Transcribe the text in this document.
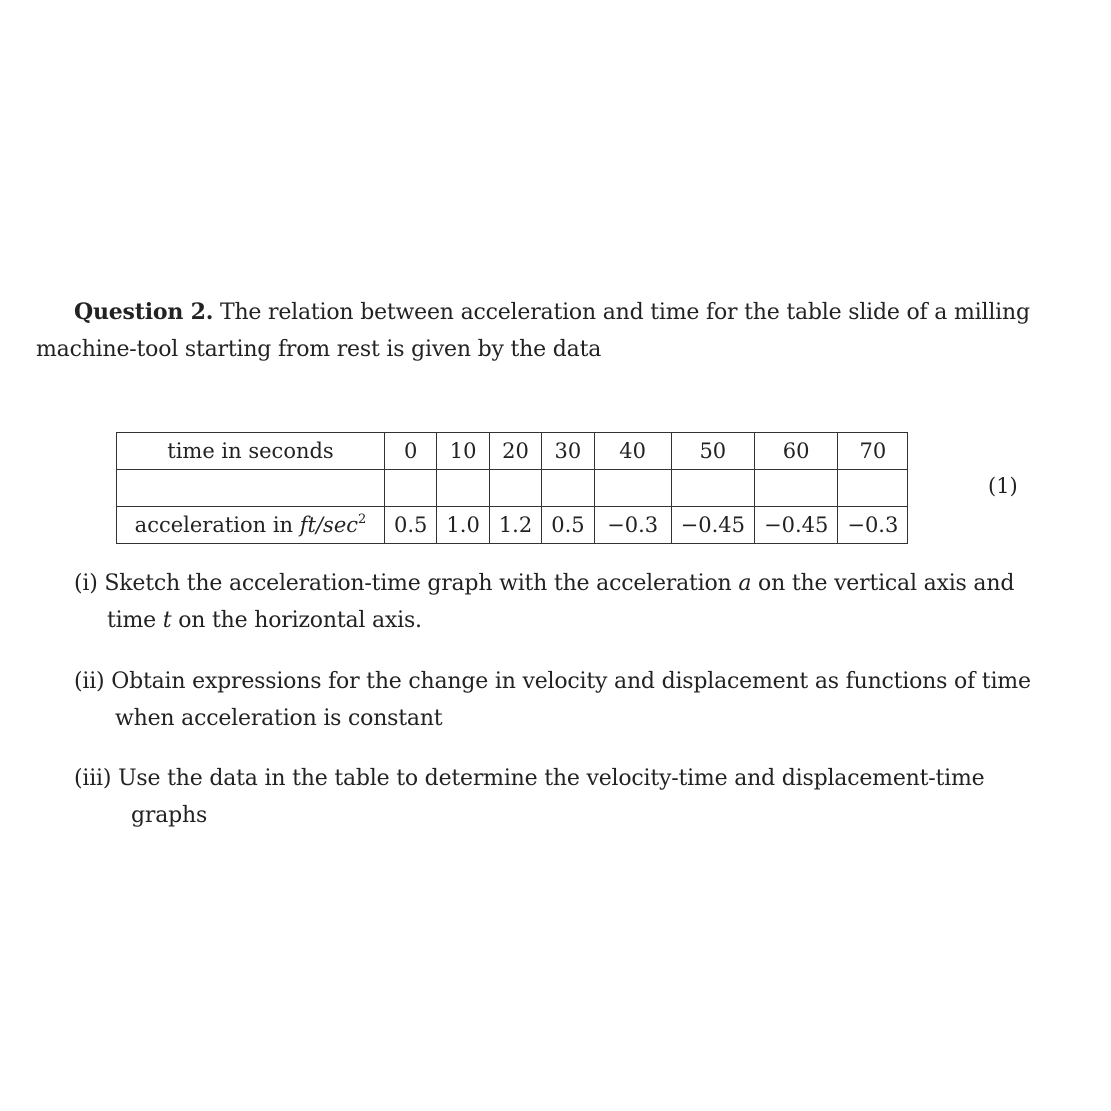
Question 2. The relation between acceleration and time for the table slide of a milling machine-tool starting from rest is given by the data

time in seconds	0	10	20	30	40	50	60	70

acceleration in $ft/\sec^2$	0.5	1.0	1.2	0.5	−0.3	−0.45	−0.45	−0.3
(1)

(i) Sketch the acceleration-time graph with the acceleration a on the vertical axis and
time t on the horizontal axis.

(ii) Obtain expressions for the change in velocity and displacement as functions of time
when acceleration is constant

(iii) Use the data in the table to determine the velocity-time and displacement-time
graphs
